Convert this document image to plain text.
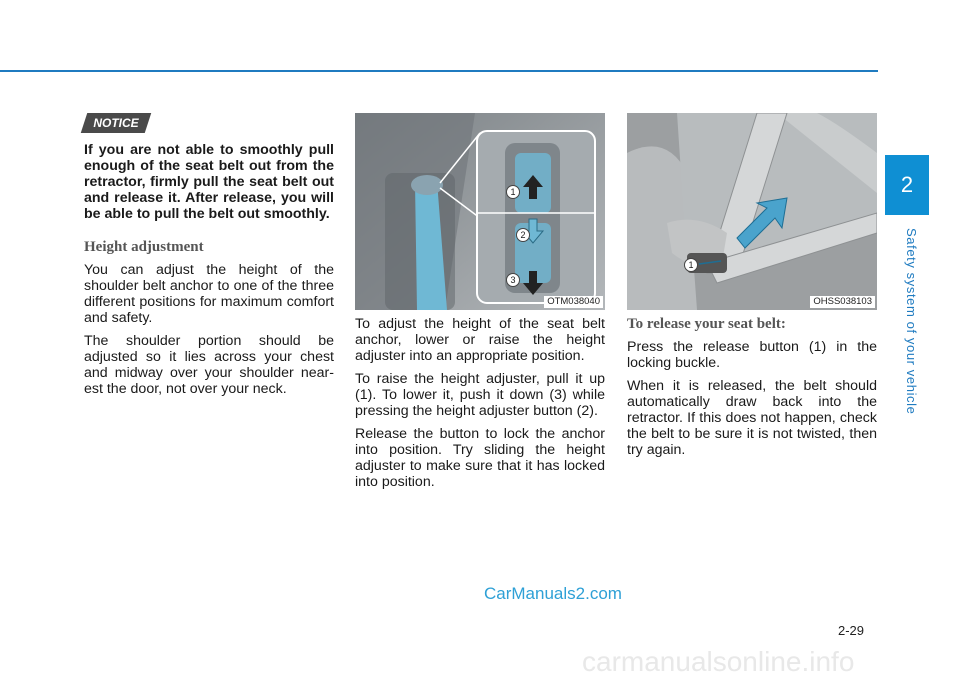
2
Safety system of your vehicle
NOTICE

If you are not able to smoothly pull enough of the seat belt out from the retractor, firmly pull the seat belt out and release it. After release, you will be able to pull the belt out smoothly.

Height adjustment

You can adjust the height of the shoulder belt anchor to one of the three different positions for maximum comfort and safety.

The shoulder portion should be adjusted so it lies across your chest and midway over your shoulder near-est the door, not over your neck.

1
2
3
OTM038040

To adjust the height of the seat belt anchor, lower or raise the height adjuster into an appropriate position.

To raise the height adjuster, pull it up (1). To lower it, push it down (3) while pressing the height adjuster button (2).

Release the button to lock the anchor into position. Try sliding the height adjuster to make sure that it has locked into position.

1
OHSS038103

To release your seat belt:

Press the release button (1) in the locking buckle.

When it is released, the belt should automatically draw back into the retractor. If this does not happen, check the belt to be sure it is not twisted, then try again.

CarManuals2.com
2-29
carmanualsonline.info
